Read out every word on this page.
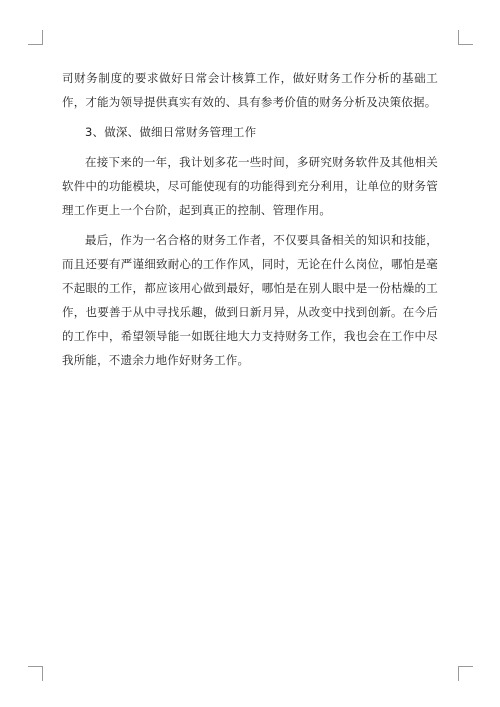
司财务制度的要求做好日常会计核算工作，做好财务工作分析的基础工作，才能为领导提供真实有效的、具有参考价值的财务分析及决策依据。

3、做深、做细日常财务管理工作

在接下来的一年，我计划多花一些时间，多研究财务软件及其他相关软件中的功能模块，尽可能使现有的功能得到充分利用，让单位的财务管理工作更上一个台阶，起到真正的控制、管理作用。

最后，作为一名合格的财务工作者，不仅要具备相关的知识和技能，而且还要有严谨细致耐心的工作作风，同时，无论在什么岗位，哪怕是毫不起眼的工作，都应该用心做到最好，哪怕是在别人眼中是一份枯燥的工作，也要善于从中寻找乐趣，做到日新月异，从改变中找到创新。在今后的工作中，希望领导能一如既往地大力支持财务工作，我也会在工作中尽我所能，不遗余力地作好财务工作。
